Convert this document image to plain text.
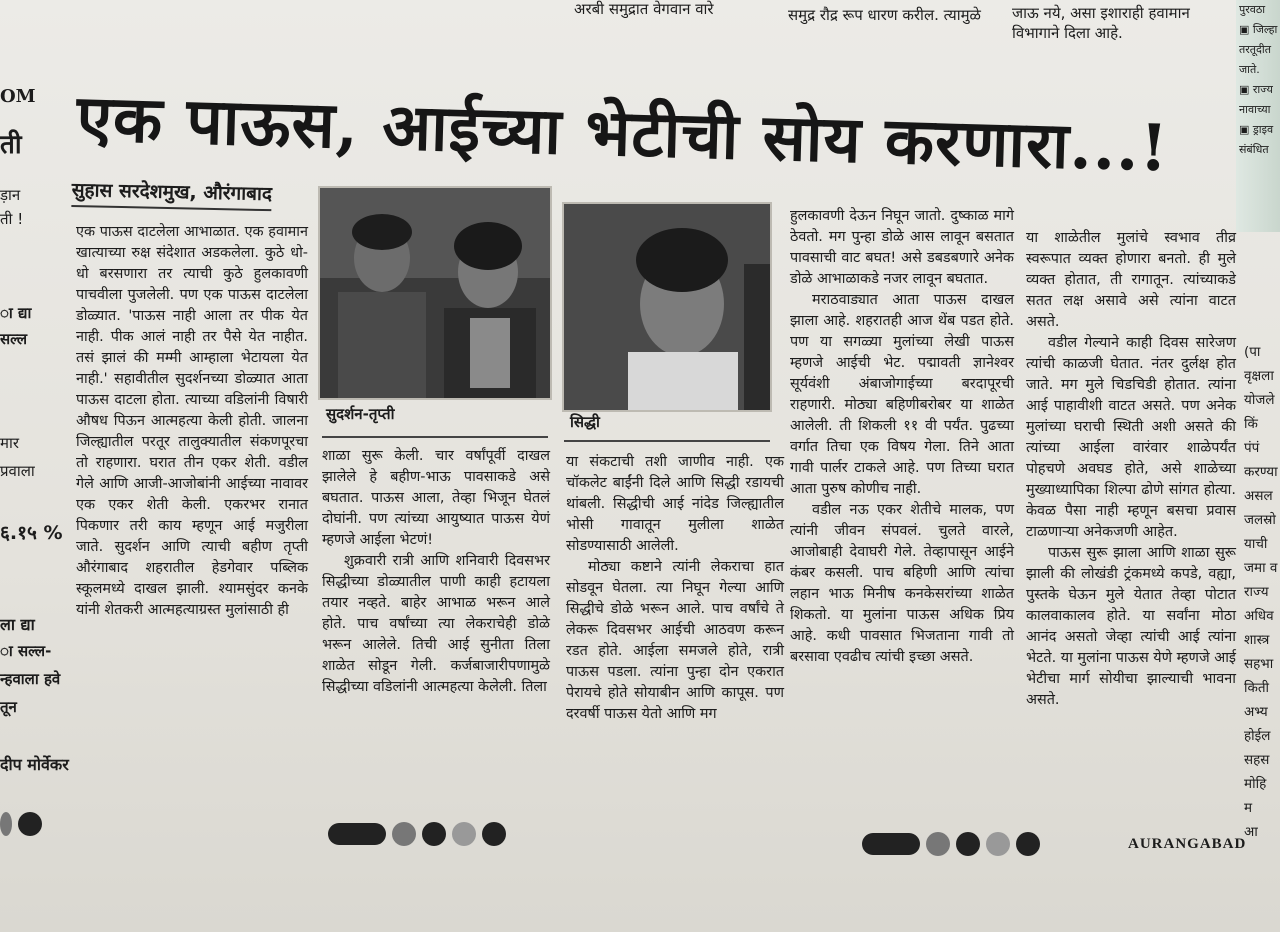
अरबी समुद्रात वेगवान वारे	समुद्र रौद्र रूप धारण करील. त्यामुळे जाऊ नये, असा इशाराही हवामान
विभागाने दिला आहे.
पुरवठा
▣ जिल्हा
तरतूदीत
जाते.
▣ राज्य
नावाच्या
▣ ड्राइव
संबंधित
OM
ती
ड़ान
ती !
ा द्या
सल्ल
मार
प्रवाला
६.१५ %
ला द्या
ा सल्ल-
न्हवाला हवे
तून
दीप मोर्वेकर
एक पाऊस, आईच्या भेटीची सोय करणारा...!
सुहास सरदेशमुख, औरंगाबाद

एक पाऊस दाटलेला आभाळात. एक हवामान खात्याच्या रुक्ष संदेशात अडकलेला. कुठे धो-धो बरसणारा तर त्याची कुठे हुलकावणी पाचवीला पुजलेली. पण एक पाऊस दाटलेला डोळ्यात. 'पाऊस नाही आला तर पीक येत नाही. पीक आलं नाही तर पैसे येत नाहीत. तसं झालं की मम्मी आम्हाला भेटायला येत नाही.' सहावीतील सुदर्शनच्या डोळ्यात आता पाऊस दाटला होता. त्याच्या वडिलांनी विषारी औषध पिऊन आत्महत्या केली होती. जालना जिल्ह्यातील परतूर तालुक्यातील संकणपूरचा तो राहणारा. घरात तीन एकर शेती. वडील गेले आणि आजी-आजोबांनी आईच्या नावावर एक एकर शेती केली. एकरभर रानात पिकणार तरी काय म्हणून आई मजुरीला जाते. सुदर्शन आणि त्याची बहीण तृप्ती औरंगाबाद शहरातील हेडगेवार पब्लिक स्कूलमध्ये दाखल झाली. श्यामसुंदर कनके यांनी शेतकरी आत्महत्याग्रस्त मुलांसाठी ही

सुदर्शन-तृप्ती	सिद्धी

शाळा सुरू केली. चार वर्षांपूर्वी दाखल झालेले हे बहीण-भाऊ पावसाकडे असे बघतात. पाऊस आला, तेव्हा भिजून घेतलं दोघांनी. पण त्यांच्या आयुष्यात पाऊस येणं म्हणजे आईला भेटणं!

शुक्रवारी रात्री आणि शनिवारी दिवसभर सिद्धीच्या डोळ्यातील पाणी काही हटायला तयार नव्हते. बाहेर आभाळ भरून आले होते. पाच वर्षांच्या त्या लेकराचेही डोळे भरून आलेले. तिची आई सुनीता तिला शाळेत सोडून गेली. कर्जबाजारीपणामुळे सिद्धीच्या वडिलांनी आत्महत्या केलेली. तिला

या संकटाची तशी जाणीव नाही. एक चॉकलेट बाईंनी दिले आणि सिद्धी रडायची थांबली. सिद्धीची आई नांदेड जिल्ह्यातील भोसी गावातून मुलीला शाळेत सोडण्यासाठी आलेली.

मोठ्या कष्टाने त्यांनी लेकराचा हात सोडवून घेतला. त्या निघून गेल्या आणि सिद्धीचे डोळे भरून आले. पाच वर्षांचे ते लेकरू दिवसभर आईची आठवण करून रडत होते. आईला समजले होते, रात्री पाऊस पडला. त्यांना पुन्हा दोन एकरात पेरायचे होते सोयाबीन आणि कापूस. पण दरवर्षी पाऊस येतो आणि मग

हुलकावणी देऊन निघून जातो. दुष्काळ मागे ठेवतो. मग पुन्हा डोळे आस लावून बसतात पावसाची वाट बघत! असे डबडबणारे अनेक डोळे आभाळाकडे नजर लावून बघतात.

मराठवाड्यात आता पाऊस दाखल झाला आहे. शहरातही आज थेंब पडत होते. पण या सगळ्या मुलांच्या लेखी पाऊस म्हणजे आईची भेट. पद्मावती ज्ञानेश्वर सूर्यवंशी अंबाजोगाईच्या बरदापूरची राहणारी. मोठ्या बहिणीबरोबर या शाळेत आलेली. ती शिकली ११ वी पर्यंत. पुढच्या वर्गात तिचा एक विषय गेला. तिने आता गावी पार्लर टाकले आहे. पण तिच्या घरात आता पुरुष कोणीच नाही.

वडील नऊ एकर शेतीचे मालक, पण त्यांनी जीवन संपवलं. चुलते वारले, आजोबाही देवाघरी गेले. तेव्हापासून आईने कंबर कसली. पाच बहिणी आणि त्यांचा लहान भाऊ मिनीष कनकेसरांच्या शाळेत शिकतो. या मुलांना पाऊस अधिक प्रिय आहे. कधी पावसात भिजताना गावी तो बरसावा एवढीच त्यांची इच्छा असते.

या शाळेतील मुलांचे स्वभाव तीव्र स्वरूपात व्यक्त होणारा बनतो. ही मुले व्यक्त होतात, ती रागातून. त्यांच्याकडे सतत लक्ष असावे असे त्यांना वाटत असते.

वडील गेल्याने काही दिवस सारेजण त्यांची काळजी घेतात. नंतर दुर्लक्ष होत जाते. मग मुले चिडचिडी होतात. त्यांना आई पाहावीशी वाटत असते. पण अनेक मुलांच्या घराची स्थिती अशी असते की त्यांच्या आईला वारंवार शाळेपर्यंत पोहचणे अवघड होते, असे शाळेच्या मुख्याध्यापिका शिल्पा ढोणे सांगत होत्या. केवळ पैसा नाही म्हणून बसचा प्रवास टाळणाऱ्या अनेकजणी आहेत.

पाऊस सुरू झाला आणि शाळा सुरू झाली की लोखंडी ट्रंकमध्ये कपडे, वह्या, पुस्तके घेऊन मुले येतात तेव्हा पोटात कालवाकालव होते. या सर्वांना मोठा आनंद असतो जेव्हा त्यांची आई त्यांना भेटते. या मुलांना पाऊस येणे म्हणजे आई भेटीचा मार्ग सोयीचा झाल्याची भावना असते.

(पा
वृक्षला
योजले
किं
पंपं
करण्या
असल
जलस्रो
याची
जमा व
राज्य
अधिव
शास्त्र
सहभा
किती
अभ्य
होईल
सहस
मोहि
म
आ
AURANGABAD
